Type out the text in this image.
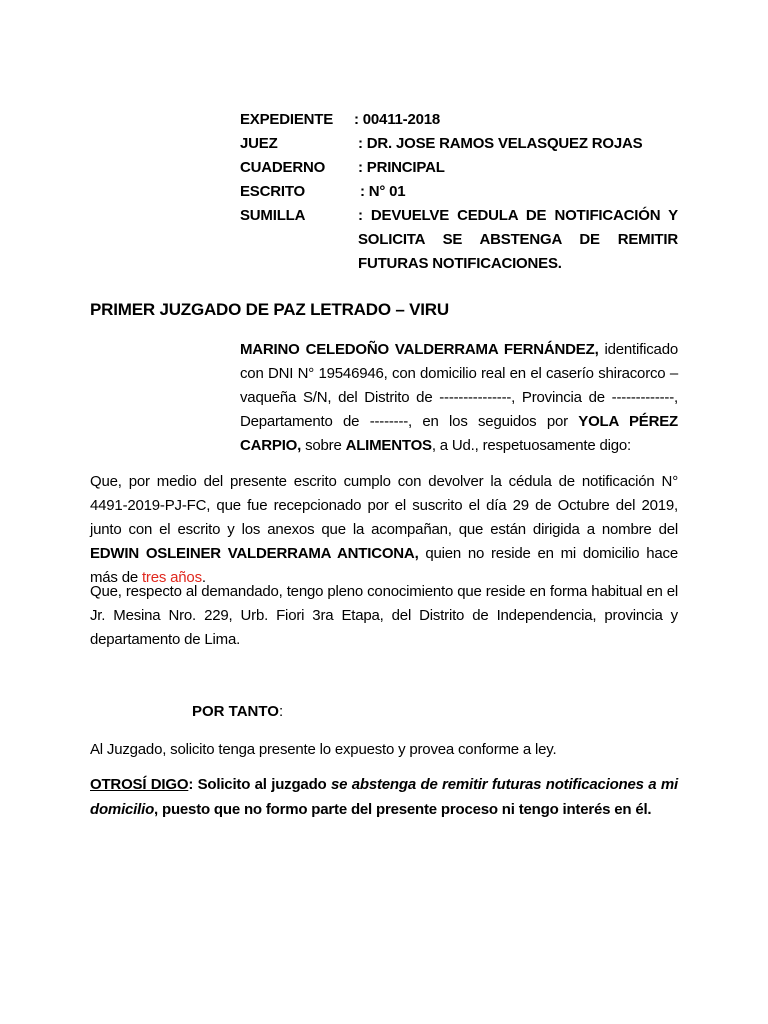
EXPEDIENTE : 00411-2018
JUEZ	: DR. JOSE RAMOS VELASQUEZ ROJAS
CUADERNO : PRINCIPAL
ESCRITO	: N° 01
SUMILLA	: DEVUELVE CEDULA DE NOTIFICACIÓN Y SOLICITA SE ABSTENGA DE REMITIR FUTURAS NOTIFICACIONES.
PRIMER JUZGADO DE PAZ LETRADO – VIRU
MARINO CELEDOÑO VALDERRAMA FERNÁNDEZ, identificado con DNI N° 19546946, con domicilio real en el caserío shiracorco – vaqueña S/N, del Distrito de ---------------, Provincia de -------------, Departamento de --------, en los seguidos por YOLA PÉREZ CARPIO, sobre ALIMENTOS, a Ud., respetuosamente digo:
Que, por medio del presente escrito cumplo con devolver la cédula de notificación N° 4491-2019-PJ-FC, que fue recepcionado por el suscrito el día 29 de Octubre del 2019, junto con el escrito y los anexos que la acompañan, que están dirigida a nombre del EDWIN OSLEINER VALDERRAMA ANTICONA, quien no reside en mi domicilio hace más de tres años.
Que, respecto al demandado, tengo pleno conocimiento que reside en forma habitual en el Jr. Mesina Nro. 229, Urb. Fiori 3ra Etapa, del Distrito de Independencia, provincia y departamento de Lima.
POR TANTO:
Al Juzgado, solicito tenga presente lo expuesto y provea conforme a ley.
OTROSÍ DIGO: Solicito al juzgado se abstenga de remitir futuras notificaciones a mi domicilio, puesto que no formo parte del presente proceso ni tengo interés en él.
